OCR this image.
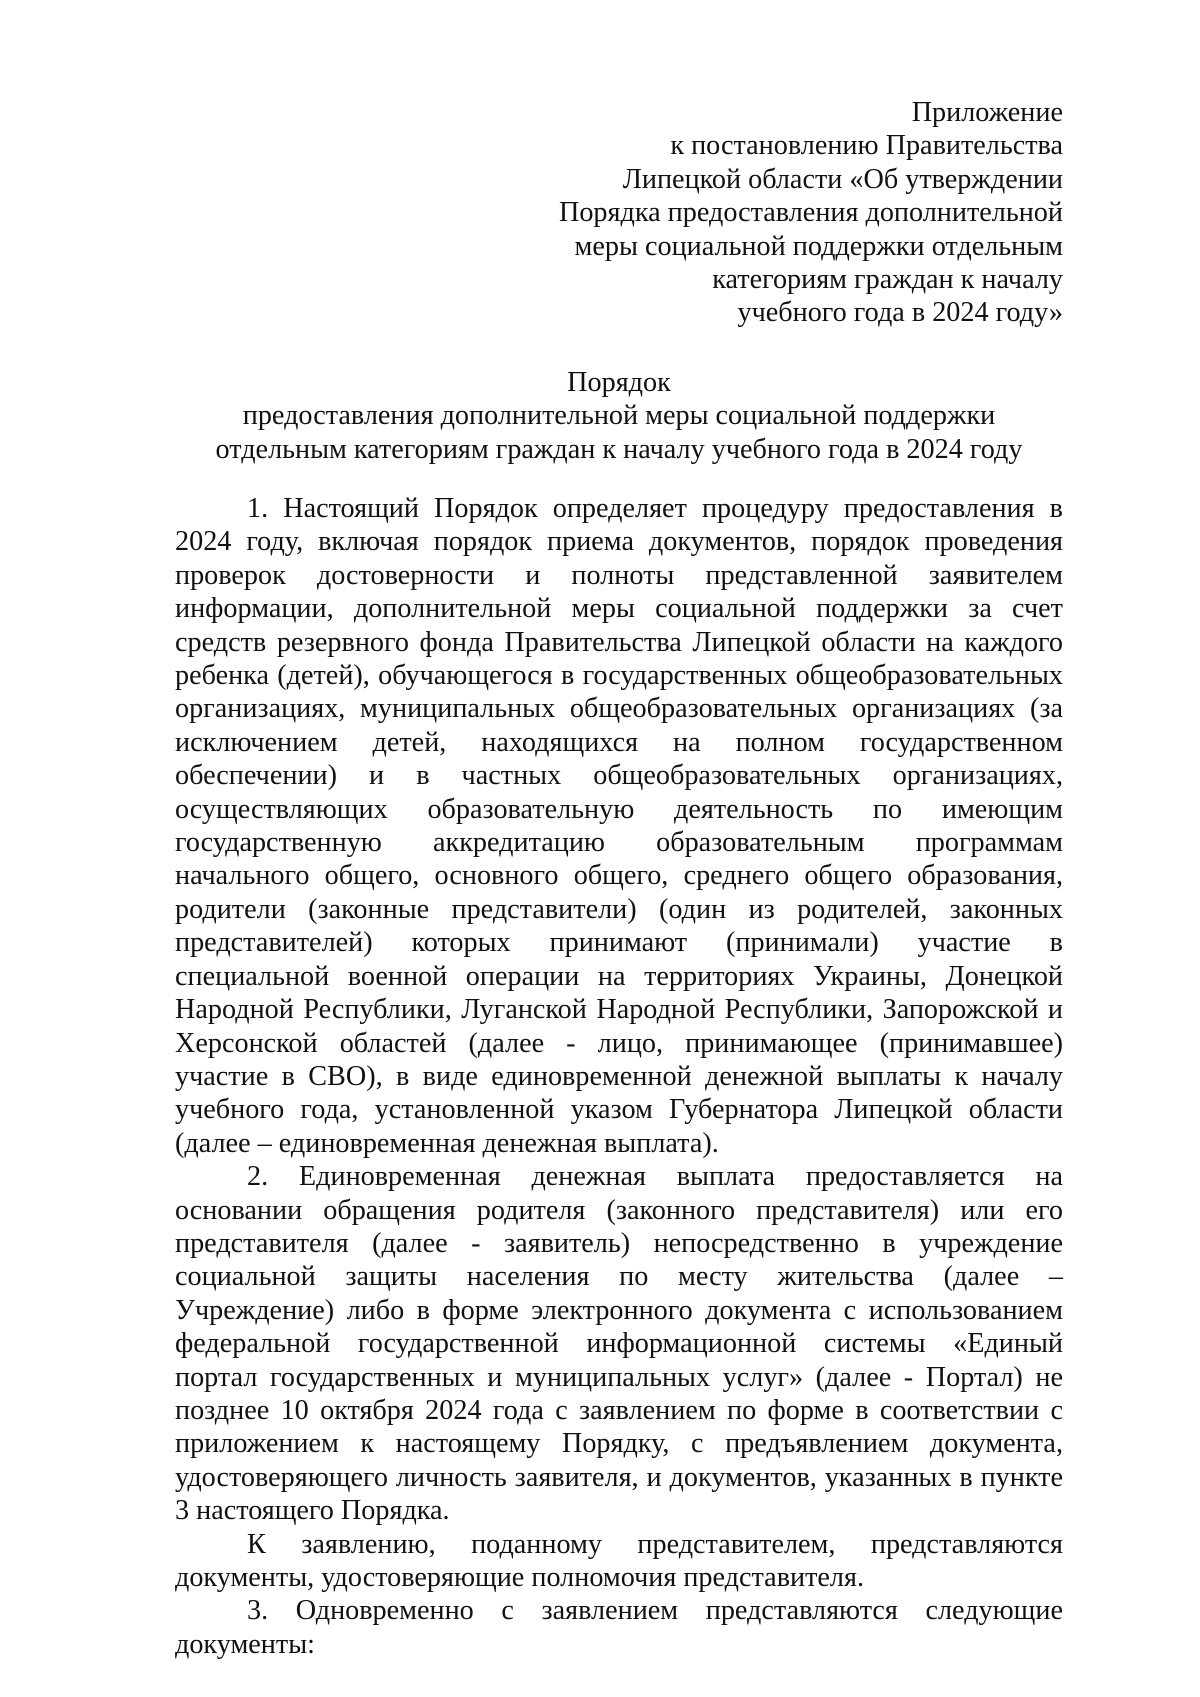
Приложение
к постановлению Правительства
Липецкой области «Об утверждении
Порядка предоставления дополнительной
меры социальной поддержки отдельным
категориям граждан к началу
учебного года в 2024 году»
Порядок
предоставления дополнительной меры социальной поддержки
отдельным категориям граждан к началу учебного года в 2024 году

1. Настоящий Порядок определяет процедуру предоставления в 2024 году, включая порядок приема документов, порядок проведения проверок достоверности и полноты представленной заявителем информации, дополнительной меры социальной поддержки за счет средств резервного фонда Правительства Липецкой области на каждого ребенка (детей), обучающегося в государственных общеобразовательных организациях, муниципальных общеобразовательных организациях (за исключением детей, находящихся на полном государственном обеспечении) и в частных общеобразовательных организациях, осуществляющих образовательную деятельность по имеющим государственную аккредитацию образовательным программам начального общего, основного общего, среднего общего образования, родители (законные представители) (один из родителей, законных представителей) которых принимают (принимали) участие в специальной военной операции на территориях Украины, Донецкой Народной Республики, Луганской Народной Республики, Запорожской и Херсонской областей (далее - лицо, принимающее (принимавшее) участие в СВО), в виде единовременной денежной выплаты к началу учебного года, установленной указом Губернатора Липецкой области (далее – единовременная денежная выплата).

2. Единовременная денежная выплата предоставляется на основании обращения родителя (законного представителя) или его представителя (далее - заявитель) непосредственно в учреждение социальной защиты населения по месту жительства (далее – Учреждение) либо в форме электронного документа с использованием федеральной государственной информационной системы «Единый портал государственных и муниципальных услуг» (далее - Портал) не позднее 10 октября 2024 года с заявлением по форме в соответствии с приложением к настоящему Порядку, с предъявлением документа, удостоверяющего личность заявителя, и документов, указанных в пункте 3 настоящего Порядка.

К заявлению, поданному представителем, представляются документы, удостоверяющие полномочия представителя.

3. Одновременно с заявлением представляются следующие документы:
